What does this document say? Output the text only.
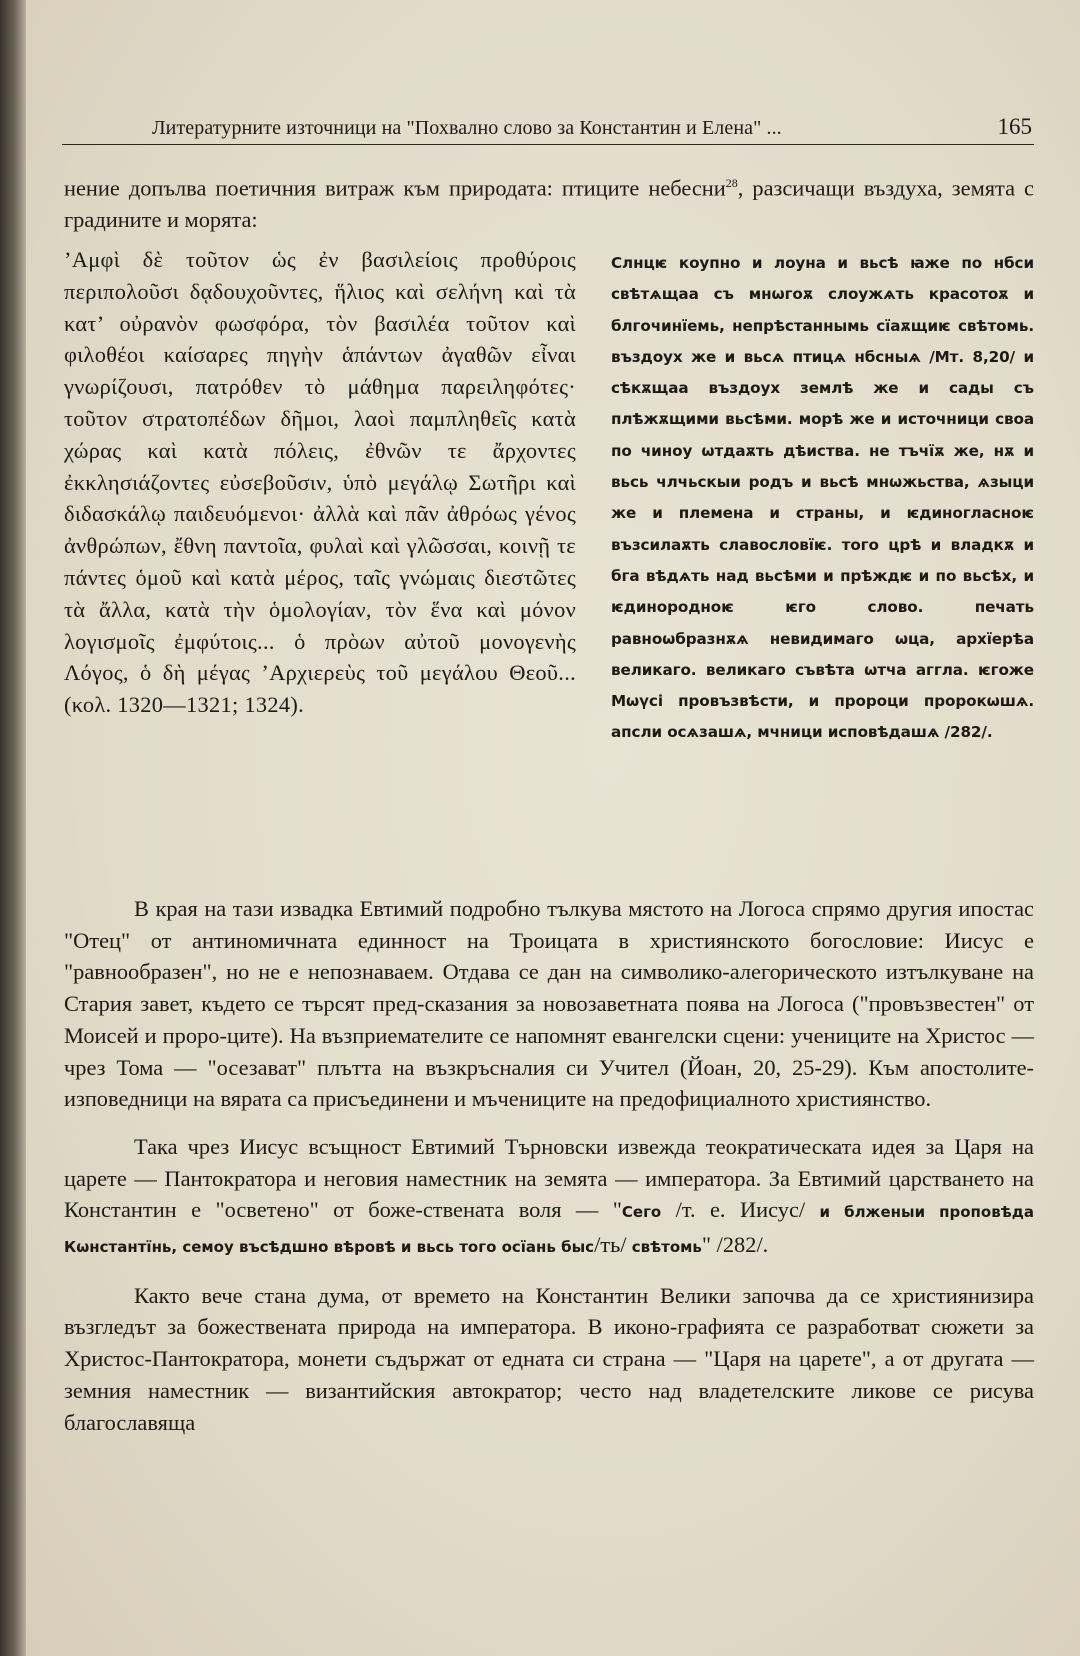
Литературните източници на "Похвално слово за Константин и Елена" ...	165
нение допълва поетичния витраж към природата: птиците небесни$^{28}$, разсичащи въздуха, земята с градините и морята:
’Αμφὶ δὲ τοῦτον ὡς ἐν βασιλείοις προθύροις περιπολοῦσι δᾳδουχοῦντες, ἥλιος καὶ σελήνη καὶ τὰ κατ’ οὐρανὸν φωσφόρα, τὸν βασιλέα τοῦτον καὶ φιλοθέοι καίσαρες πηγὴν ἁπάντων ἀγαθῶν εἶναι γνωρίζουσι, πατρόθεν τὸ μάθημα παρειληφότες· τοῦτον στρατοπέδων δῆμοι, λαοὶ παμπληθεῖς κατὰ χώρας καὶ κατὰ πόλεις, ἐθνῶν τε ἄρχοντες ἐκκλησιάζοντες εὐσεβοῦσιν, ὑπὸ μεγάλῳ Σωτῆρι καὶ διδασκάλῳ παιδευόμενοι· ἀλλὰ καὶ πᾶν ἀθρόως γένος ἀνθρώπων, ἔθνη παντοῖα, φυλαὶ καὶ γλῶσσαι, κοινῇ τε πάντες ὁμοῦ καὶ κατὰ μέρος, ταῖς γνώμαις διεστῶτες τὰ ἄλλα, κατὰ τὴν ὁμολογίαν, τὸν ἕνα καὶ μόνον λογισμοῖς ἐμφύτοις... ὁ πρὸων αὐτοῦ μονογενὴς Λόγος, ὁ δὴ μέγας ’Αρχιερεὺς τοῦ μεγάλου Θεοῦ... (κολ. 1320—1321; 1324).
Слнцѥ коупно и лоуна и вьсѣ ꙗже по нбси свѣтѧщаа съ мнѡгоѫ слоужѧть красотоѫ и блгочинїемь, непрѣстаннымь сїаѫщиѥ свѣтомь. въздоух же и вьсѧ птицѧ нбсныѧ /Мт. 8,20/ и сѣкѫщаа въздоух землѣ же и сады съ плѣжѫщими вьсѣми. морѣ же и источници своа по чиноу ѡтдаѫть дѣиства. не тъчїѫ же, нѫ и вьсь члчьскыи родъ и вьсѣ мнѡжьства, ѧзыци же и племена и страны, и ѥдиногласноѥ възсилаѫть славословїѥ. того црѣ и владкѫ и бга вѣдѧть над вьсѣми и прѣждѥ и по вьсѣх, и ѥдинородноѥ ѥго слово. печать равноѡбразнѫѧ невидимаго ѡца, архїерѣа великаго. великаго съвѣта ѡтча аггла. ѥгоже Мѡүсі провъзвѣсти, и пророци пророкѡшѧ. апсли осѧзашѧ, мчници исповѣдашѧ /282/.

В края на тази извадка Евтимий подробно тълкува мястото на Логоса спрямо другия ипостас "Отец" от антиномичната единност на Троицата в християнското богословие: Иисус е "равнообразен", но не е непознаваем. Отдава се дан на символико-алегорическото изтълкуване на Стария завет, където се търсят пред-сказания за новозаветната поява на Логоса ("провъзвестен" от Моисей и проро-ците). На възприемателите се напомнят евангелски сцени: учениците на Христос — чрез Тома — "осезават" плътта на възкръсналия си Учител (Йоан, 20, 25-29). Към апостолите-изповедници на вярата са присъединени и мъчениците на предофициалното християнство.

Така чрез Иисус всъщност Евтимий Търновски извежда теократическата идея за Царя на царете — Пантократора и неговия наместник на земята — императора. За Евтимий царстването на Константин е "осветено" от боже-ствената воля — "Сего /т. е. Иисус/ и блженыи проповѣда Кѡнстантїнь, семоу въсѣдшно вѣровѣ и вьсь того осїань быс/ть/ свѣтомь" /282/.

Както вече стана дума, от времето на Константин Велики започва да се християнизира възгледът за божествената природа на императора. В иконо-графията се разработват сюжети за Христос-Пантократора, монети съдържат от едната си страна — "Царя на царете", а от другата — земния наместник — византийския автократор; често над владетелските ликове се рисува благославяща
